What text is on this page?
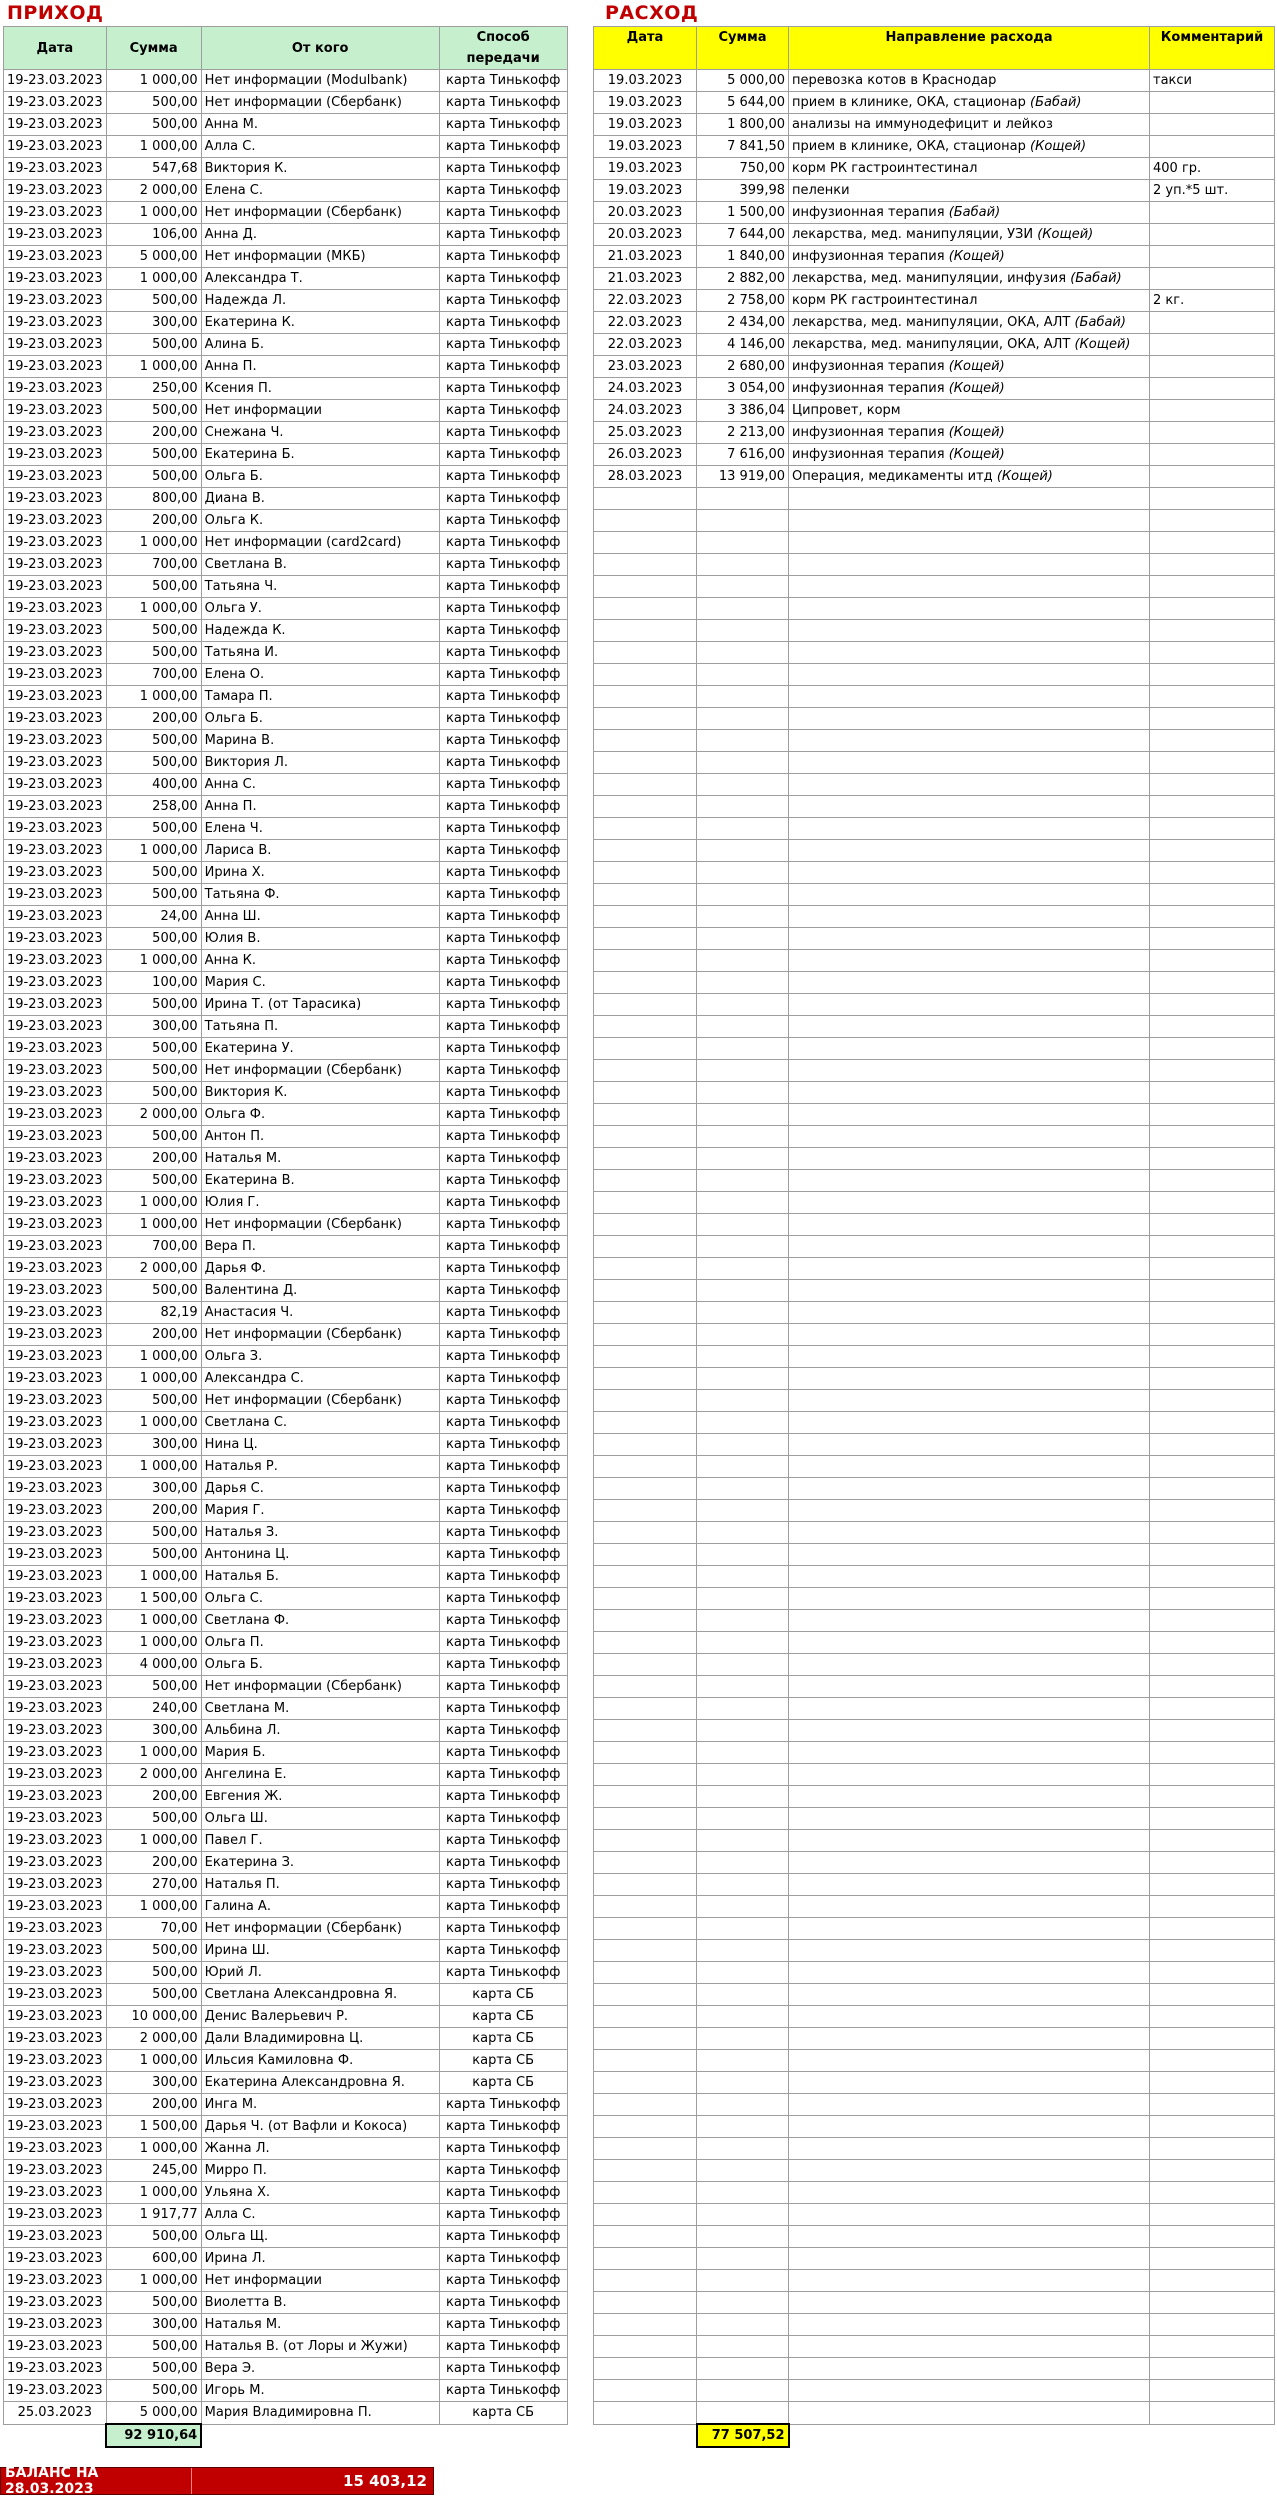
ПРИХОД	РАСХОД
Дата	Сумма	От кого	Способ передачи
19-23.03.2023	1 000,00	Нет информации (Modulbank)	карта Тинькофф
19-23.03.2023	500,00	Нет информации (Сбербанк)	карта Тинькофф
19-23.03.2023	500,00	Анна М.	карта Тинькофф
19-23.03.2023	1 000,00	Алла С.	карта Тинькофф
19-23.03.2023	547,68	Виктория К.	карта Тинькофф
19-23.03.2023	2 000,00	Елена С.	карта Тинькофф
19-23.03.2023	1 000,00	Нет информации (Сбербанк)	карта Тинькофф
19-23.03.2023	106,00	Анна Д.	карта Тинькофф
19-23.03.2023	5 000,00	Нет информации (МКБ)	карта Тинькофф
19-23.03.2023	1 000,00	Александра Т.	карта Тинькофф
19-23.03.2023	500,00	Надежда Л.	карта Тинькофф
19-23.03.2023	300,00	Екатерина К.	карта Тинькофф
19-23.03.2023	500,00	Алина Б.	карта Тинькофф
19-23.03.2023	1 000,00	Анна П.	карта Тинькофф
19-23.03.2023	250,00	Ксения П.	карта Тинькофф
19-23.03.2023	500,00	Нет информации	карта Тинькофф
19-23.03.2023	200,00	Снежана Ч.	карта Тинькофф
19-23.03.2023	500,00	Екатерина Б.	карта Тинькофф
19-23.03.2023	500,00	Ольга Б.	карта Тинькофф
19-23.03.2023	800,00	Диана В.	карта Тинькофф
19-23.03.2023	200,00	Ольга К.	карта Тинькофф
19-23.03.2023	1 000,00	Нет информации (card2card)	карта Тинькофф
19-23.03.2023	700,00	Светлана В.	карта Тинькофф
19-23.03.2023	500,00	Татьяна Ч.	карта Тинькофф
19-23.03.2023	1 000,00	Ольга У.	карта Тинькофф
19-23.03.2023	500,00	Надежда К.	карта Тинькофф
19-23.03.2023	500,00	Татьяна И.	карта Тинькофф
19-23.03.2023	700,00	Елена О.	карта Тинькофф
19-23.03.2023	1 000,00	Тамара П.	карта Тинькофф
19-23.03.2023	200,00	Ольга Б.	карта Тинькофф
19-23.03.2023	500,00	Марина В.	карта Тинькофф
19-23.03.2023	500,00	Виктория Л.	карта Тинькофф
19-23.03.2023	400,00	Анна С.	карта Тинькофф
19-23.03.2023	258,00	Анна П.	карта Тинькофф
19-23.03.2023	500,00	Елена Ч.	карта Тинькофф
19-23.03.2023	1 000,00	Лариса В.	карта Тинькофф
19-23.03.2023	500,00	Ирина Х.	карта Тинькофф
19-23.03.2023	500,00	Татьяна Ф.	карта Тинькофф
19-23.03.2023	24,00	Анна Ш.	карта Тинькофф
19-23.03.2023	500,00	Юлия В.	карта Тинькофф
19-23.03.2023	1 000,00	Анна К.	карта Тинькофф
19-23.03.2023	100,00	Мария С.	карта Тинькофф
19-23.03.2023	500,00	Ирина Т. (от Тарасика)	карта Тинькофф
19-23.03.2023	300,00	Татьяна П.	карта Тинькофф
19-23.03.2023	500,00	Екатерина У.	карта Тинькофф
19-23.03.2023	500,00	Нет информации (Сбербанк)	карта Тинькофф
19-23.03.2023	500,00	Виктория К.	карта Тинькофф
19-23.03.2023	2 000,00	Ольга Ф.	карта Тинькофф
19-23.03.2023	500,00	Антон П.	карта Тинькофф
19-23.03.2023	200,00	Наталья М.	карта Тинькофф
19-23.03.2023	500,00	Екатерина В.	карта Тинькофф
19-23.03.2023	1 000,00	Юлия Г.	карта Тинькофф
19-23.03.2023	1 000,00	Нет информации (Сбербанк)	карта Тинькофф
19-23.03.2023	700,00	Вера П.	карта Тинькофф
19-23.03.2023	2 000,00	Дарья Ф.	карта Тинькофф
19-23.03.2023	500,00	Валентина Д.	карта Тинькофф
19-23.03.2023	82,19	Анастасия Ч.	карта Тинькофф
19-23.03.2023	200,00	Нет информации (Сбербанк)	карта Тинькофф
19-23.03.2023	1 000,00	Ольга З.	карта Тинькофф
19-23.03.2023	1 000,00	Александра С.	карта Тинькофф
19-23.03.2023	500,00	Нет информации (Сбербанк)	карта Тинькофф
19-23.03.2023	1 000,00	Светлана С.	карта Тинькофф
19-23.03.2023	300,00	Нина Ц.	карта Тинькофф
19-23.03.2023	1 000,00	Наталья Р.	карта Тинькофф
19-23.03.2023	300,00	Дарья С.	карта Тинькофф
19-23.03.2023	200,00	Мария Г.	карта Тинькофф
19-23.03.2023	500,00	Наталья З.	карта Тинькофф
19-23.03.2023	500,00	Антонина Ц.	карта Тинькофф
19-23.03.2023	1 000,00	Наталья Б.	карта Тинькофф
19-23.03.2023	1 500,00	Ольга С.	карта Тинькофф
19-23.03.2023	1 000,00	Светлана Ф.	карта Тинькофф
19-23.03.2023	1 000,00	Ольга П.	карта Тинькофф
19-23.03.2023	4 000,00	Ольга Б.	карта Тинькофф
19-23.03.2023	500,00	Нет информации (Сбербанк)	карта Тинькофф
19-23.03.2023	240,00	Светлана М.	карта Тинькофф
19-23.03.2023	300,00	Альбина Л.	карта Тинькофф
19-23.03.2023	1 000,00	Мария Б.	карта Тинькофф
19-23.03.2023	2 000,00	Ангелина Е.	карта Тинькофф
19-23.03.2023	200,00	Евгения Ж.	карта Тинькофф
19-23.03.2023	500,00	Ольга Ш.	карта Тинькофф
19-23.03.2023	1 000,00	Павел Г.	карта Тинькофф
19-23.03.2023	200,00	Екатерина З.	карта Тинькофф
19-23.03.2023	270,00	Наталья П.	карта Тинькофф
19-23.03.2023	1 000,00	Галина А.	карта Тинькофф
19-23.03.2023	70,00	Нет информации (Сбербанк)	карта Тинькофф
19-23.03.2023	500,00	Ирина Ш.	карта Тинькофф
19-23.03.2023	500,00	Юрий Л.	карта Тинькофф
19-23.03.2023	500,00	Светлана Александровна Я.	карта СБ
19-23.03.2023	10 000,00	Денис Валерьевич Р.	карта СБ
19-23.03.2023	2 000,00	Дали Владимировна Ц.	карта СБ
19-23.03.2023	1 000,00	Ильсия Камиловна Ф.	карта СБ
19-23.03.2023	300,00	Екатерина Александровна Я.	карта СБ
19-23.03.2023	200,00	Инга М.	карта Тинькофф
19-23.03.2023	1 500,00	Дарья Ч. (от Вафли и Кокоса)	карта Тинькофф
19-23.03.2023	1 000,00	Жанна Л.	карта Тинькофф
19-23.03.2023	245,00	Мирро П.	карта Тинькофф
19-23.03.2023	1 000,00	Ульяна Х.	карта Тинькофф
19-23.03.2023	1 917,77	Алла С.	карта Тинькофф
19-23.03.2023	500,00	Ольга Щ.	карта Тинькофф
19-23.03.2023	600,00	Ирина Л.	карта Тинькофф
19-23.03.2023	1 000,00	Нет информации	карта Тинькофф
19-23.03.2023	500,00	Виолетта В.	карта Тинькофф
19-23.03.2023	300,00	Наталья М.	карта Тинькофф
19-23.03.2023	500,00	Наталья В. (от Лоры и Жужи)	карта Тинькофф
19-23.03.2023	500,00	Вера Э.	карта Тинькофф
19-23.03.2023	500,00	Игорь М.	карта Тинькофф
25.03.2023	5 000,00	Мария Владимировна П.	карта СБ
	92 910,64		
Дата	Сумма	Направление расхода	Комментарий
19.03.2023	5 000,00	перевозка котов в Краснодар	такси
19.03.2023	5 644,00	прием в клинике, ОКА, стационар (Бабай)	
19.03.2023	1 800,00	анализы на иммунодефицит и лейкоз	
19.03.2023	7 841,50	прием в клинике, ОКА, стационар (Кощей)	
19.03.2023	750,00	корм РК гастроинтестинал	400 гр.
19.03.2023	399,98	пеленки	2 уп.*5 шт.
20.03.2023	1 500,00	инфузионная терапия (Бабай)	
20.03.2023	7 644,00	лекарства, мед. манипуляции, УЗИ (Кощей)	
21.03.2023	1 840,00	инфузионная терапия (Кощей)	
21.03.2023	2 882,00	лекарства, мед. манипуляции, инфузия (Бабай)	
22.03.2023	2 758,00	корм РК гастроинтестинал	2 кг.
22.03.2023	2 434,00	лекарства, мед. манипуляции, ОКА, АЛТ (Бабай)	
22.03.2023	4 146,00	лекарства, мед. манипуляции, ОКА, АЛТ (Кощей)	
23.03.2023	2 680,00	инфузионная терапия (Кощей)	
24.03.2023	3 054,00	инфузионная терапия (Кощей)	
24.03.2023	3 386,04	Ципровет, корм	
25.03.2023	2 213,00	инфузионная терапия (Кощей)	
26.03.2023	7 616,00	инфузионная терапия (Кощей)	
28.03.2023	13 919,00	Операция, медикаменты итд (Кощей)	

	77 507,52		
БАЛАНС НА 28.03.2023	15 403,12
